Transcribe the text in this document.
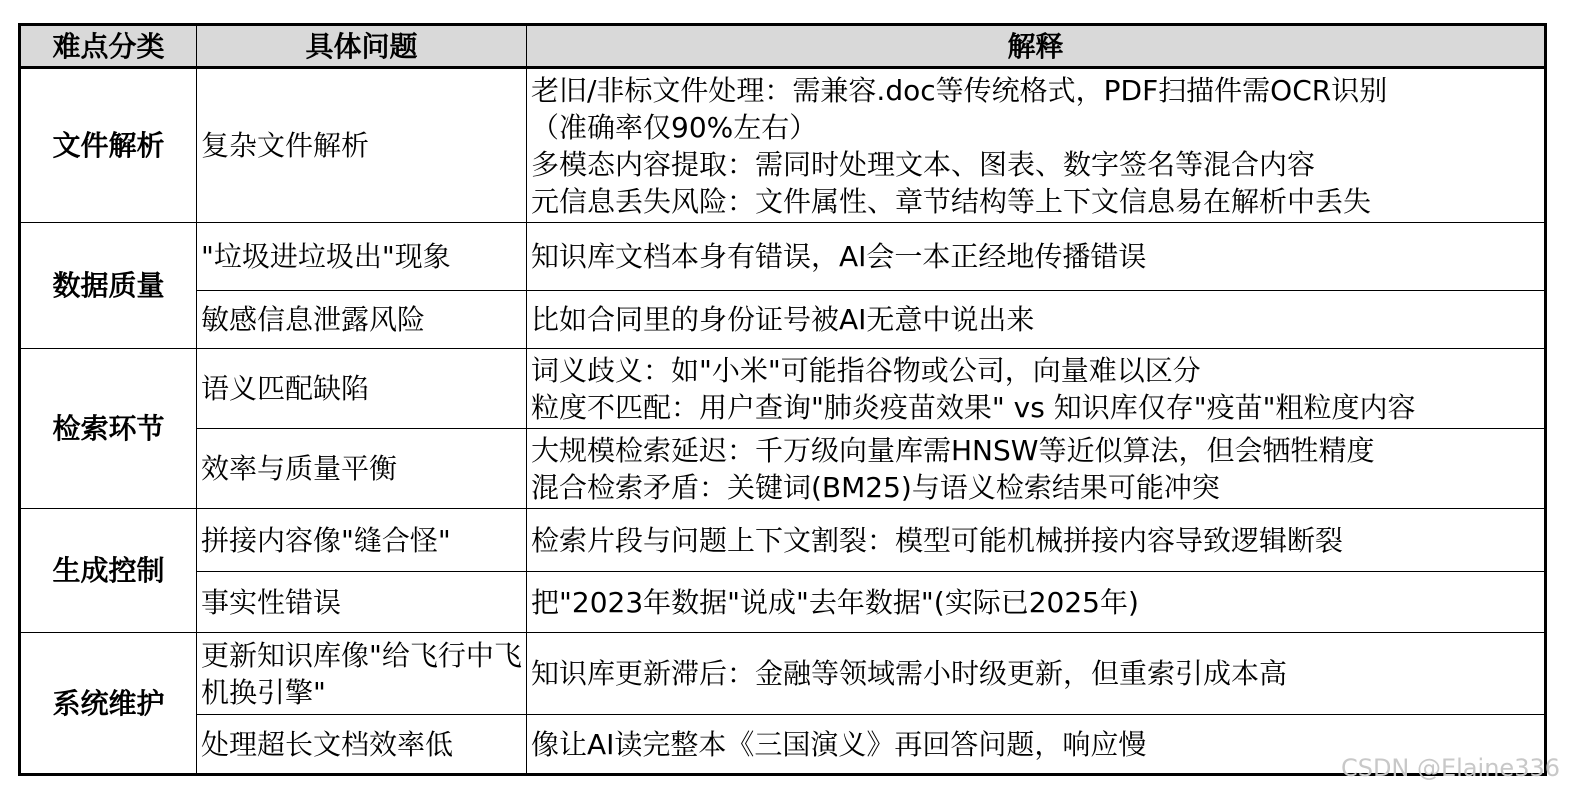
难点分类	具体问题	解释
文件解析	复杂文件解析	老旧/非标文件处理：需兼容.doc等传统格式，PDF扫描件需OCR识别
（准确率仅90%左右）
多模态内容提取：需同时处理文本、图表、数字签名等混合内容
元信息丢失风险：文件属性、章节结构等上下文信息易在解析中丢失

数据质量	"垃圾进垃圾出"现象	知识库文档本身有错误，AI会一本正经地传播错误

	敏感信息泄露风险	比如合同里的身份证号被AI无意中说出来

检索环节	语义匹配缺陷	词义歧义：如"小米"可能指谷物或公司，向量难以区分
粒度不匹配：用户查询"肺炎疫苗效果" vs 知识库仅存"疫苗"粗粒度内容

	效率与质量平衡	大规模检索延迟：千万级向量库需HNSW等近似算法，但会牺牲精度
混合检索矛盾：关键词(BM25)与语义检索结果可能冲突

生成控制	拼接内容像"缝合怪"	检索片段与问题上下文割裂：模型可能机械拼接内容导致逻辑断裂

	事实性错误	把"2023年数据"说成"去年数据"(实际已2025年)

系统维护	更新知识库像"给飞行中飞机换引擎"	知识库更新滞后：金融等领域需小时级更新，但重索引成本高

	处理超长文档效率低	像让AI读完整本《三国演义》再回答问题，响应慢
CSDN @Elaine336
